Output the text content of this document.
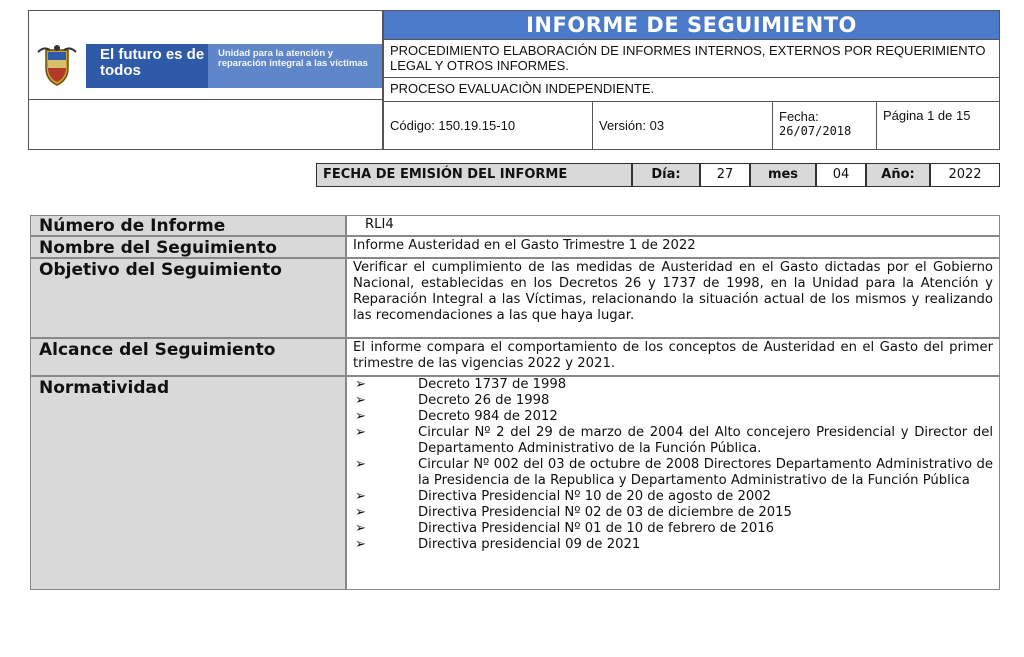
El futuro es de todos
Unidad para la atención y reparación integral a las víctimas
INFORME DE SEGUIMIENTO
PROCEDIMIENTO ELABORACIÓN DE INFORMES INTERNOS, EXTERNOS POR REQUERIMIENTO LEGAL Y OTROS INFORMES.
PROCESO EVALUACIÒN INDEPENDIENTE.
Código: 150.19.15-10	Versión: 03
Fecha:
26/07/2018
Página 1 de 15
FECHA DE EMISIÓN DEL INFORME	Día:	27	mes	04	Año:	2022
Número de Informe	RLI4
Nombre del Seguimiento	Informe Austeridad en el Gasto Trimestre 1 de 2022
Objetivo del Seguimiento	Verificar el cumplimiento de las medidas de Austeridad en el Gasto dictadas por el Gobierno Nacional, establecidas en los Decretos 26 y 1737 de 1998, en la Unidad para la Atención y Reparación Integral a las Víctimas, relacionando la situación actual de los mismos y realizando las recomendaciones a las que haya lugar.
Alcance del Seguimiento	El informe compara el comportamiento de los conceptos de Austeridad en el Gasto del primer trimestre de las vigencias 2022 y 2021.
Normatividad	➢	Decreto 1737 de 1998
➢	Decreto 26 de 1998
➢	Decreto 984 de 2012
➢	Circular Nº 2 del 29 de marzo de 2004 del Alto concejero Presidencial y Director del Departamento Administrativo de la Función Pública.
➢	Circular Nº 002 del 03 de octubre de 2008 Directores Departamento Administrativo de la Presidencia de la Republica y Departamento Administrativo de la Función Pública
➢	Directiva Presidencial Nº 10 de 20 de agosto de 2002
➢	Directiva Presidencial Nº 02 de 03 de diciembre de 2015
➢	Directiva Presidencial Nº 01 de 10 de febrero de 2016
➢	Directiva presidencial 09 de 2021
